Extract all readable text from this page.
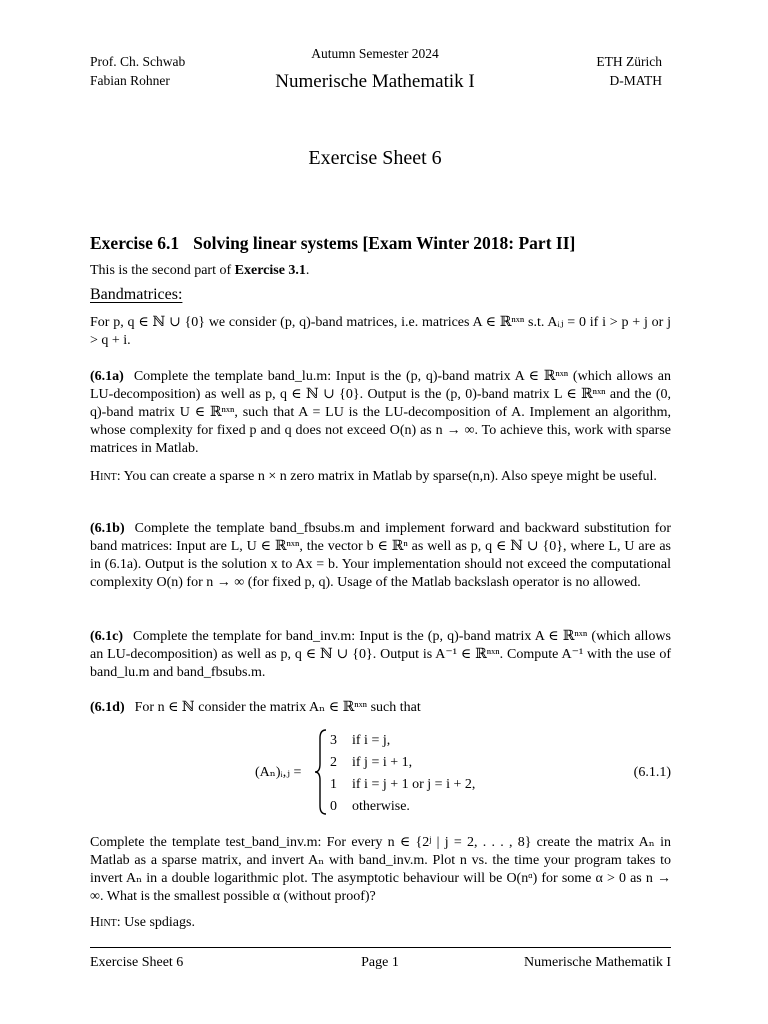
Prof. Ch. Schwab
Fabian Rohner
Autumn Semester 2024
Numerische Mathematik I
ETH Zürich
D-MATH
Exercise Sheet 6
Exercise 6.1 Solving linear systems [Exam Winter 2018: Part II]
This is the second part of Exercise 3.1.
Bandmatrices:
For p, q ∈ ℕ ∪ {0} we consider (p, q)-band matrices, i.e. matrices A ∈ ℝⁿˣⁿ s.t. Aᵢⱼ = 0 if i > p + j or j > q + i.
(6.1a) Complete the template band_lu.m: Input is the (p, q)-band matrix A ∈ ℝⁿˣⁿ (which allows an LU-decomposition) as well as p, q ∈ ℕ ∪ {0}. Output is the (p, 0)-band matrix L ∈ ℝⁿˣⁿ and the (0, q)-band matrix U ∈ ℝⁿˣⁿ, such that A = LU is the LU-decomposition of A. Implement an algorithm, whose complexity for fixed p and q does not exceed O(n) as n → ∞. To achieve this, work with sparse matrices in Matlab.
Hint: You can create a sparse n × n zero matrix in Matlab by sparse(n,n). Also speye might be useful.
(6.1b) Complete the template band_fbsubs.m and implement forward and backward substitution for band matrices: Input are L, U ∈ ℝⁿˣⁿ, the vector b ∈ ℝⁿ as well as p, q ∈ ℕ ∪ {0}, where L, U are as in (6.1a). Output is the solution x to Ax = b. Your implementation should not exceed the computational complexity O(n) for n → ∞ (for fixed p, q). Usage of the Matlab backslash operator is no allowed.
(6.1c) Complete the template for band_inv.m: Input is the (p, q)-band matrix A ∈ ℝⁿˣⁿ (which allows an LU-decomposition) as well as p, q ∈ ℕ ∪ {0}. Output is A⁻¹ ∈ ℝⁿˣⁿ. Compute A⁻¹ with the use of band_lu.m and band_fbsubs.m.
(6.1d) For n ∈ ℕ consider the matrix Aₙ ∈ ℝⁿˣⁿ such that
(Aₙ)ᵢ,ⱼ =
3 if i = j,
2 if j = i + 1,
1 if i = j + 1 or j = i + 2,
0 otherwise.
(6.1.1)
Complete the template test_band_inv.m: For every n ∈ {2ʲ | j = 2, . . . , 8} create the matrix Aₙ in Matlab as a sparse matrix, and invert Aₙ with band_inv.m. Plot n vs. the time your program takes to invert Aₙ in a double logarithmic plot. The asymptotic behaviour will be O(nᵅ) for some α > 0 as n → ∞. What is the smallest possible α (without proof)?
Hint: Use spdiags.
Exercise Sheet 6	Page 1	Numerische Mathematik I
